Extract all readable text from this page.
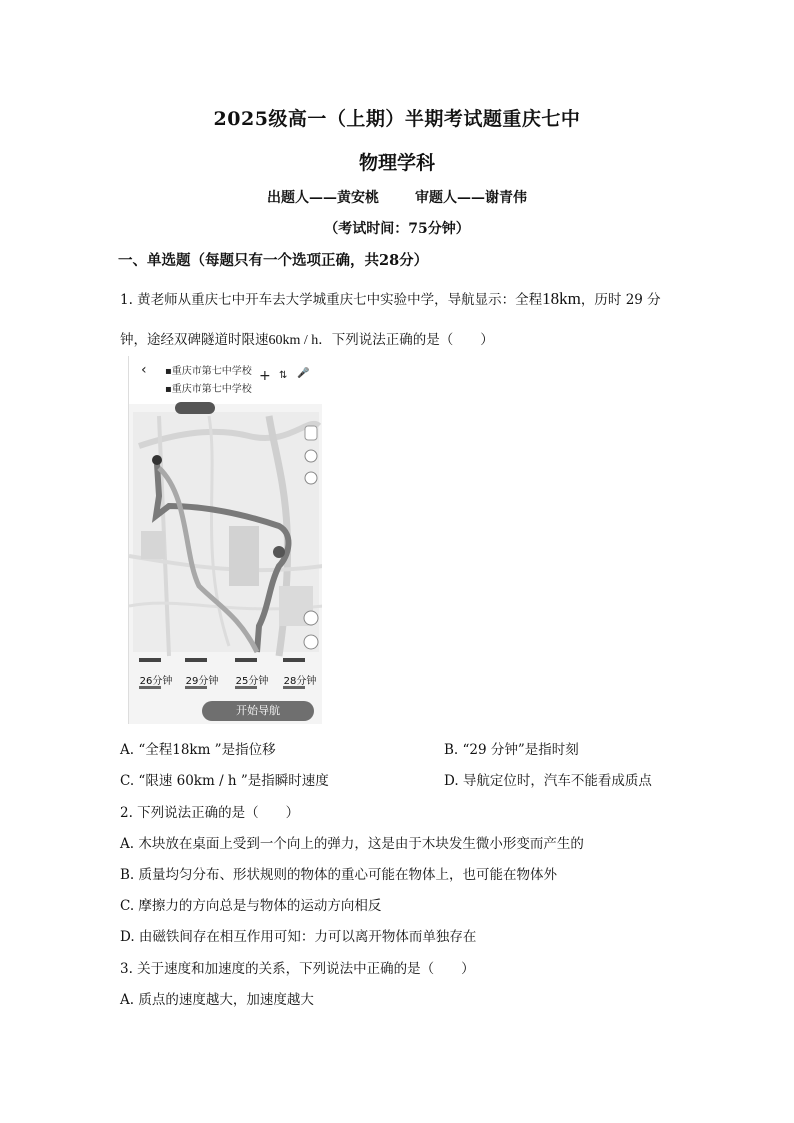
2025级高一（上期）半期考试题重庆七中
物理学科
出题人——黄安桃	审题人——谢青伟
（考试时间：75分钟）
一、单选题（每题只有一个选项正确，共28分）
1. 黄老师从重庆七中开车去大学城重庆七中实验中学，导航显示：全程18km，历时 29 分
钟，途经双碑隧道时限速60km / h．下列说法正确的是（　　）
‹ ▪重庆市第七中学校
▪重庆市第七中学校
+ ⇅ 🎤
26分钟	29分钟	25分钟	28分钟
开始导航
A. “全程18km ”是指位移	B. “29 分钟”是指时刻
C. “限速 60km / h ”是指瞬时速度	D. 导航定位时，汽车不能看成质点
2. 下列说法正确的是（　　）
A. 木块放在桌面上受到一个向上的弹力，这是由于木块发生微小形变而产生的
B. 质量均匀分布、形状规则的物体的重心可能在物体上，也可能在物体外
C. 摩擦力的方向总是与物体的运动方向相反
D. 由磁铁间存在相互作用可知：力可以离开物体而单独存在
3. 关于速度和加速度的关系，下列说法中正确的是（　　）
A. 质点的速度越大，加速度越大
